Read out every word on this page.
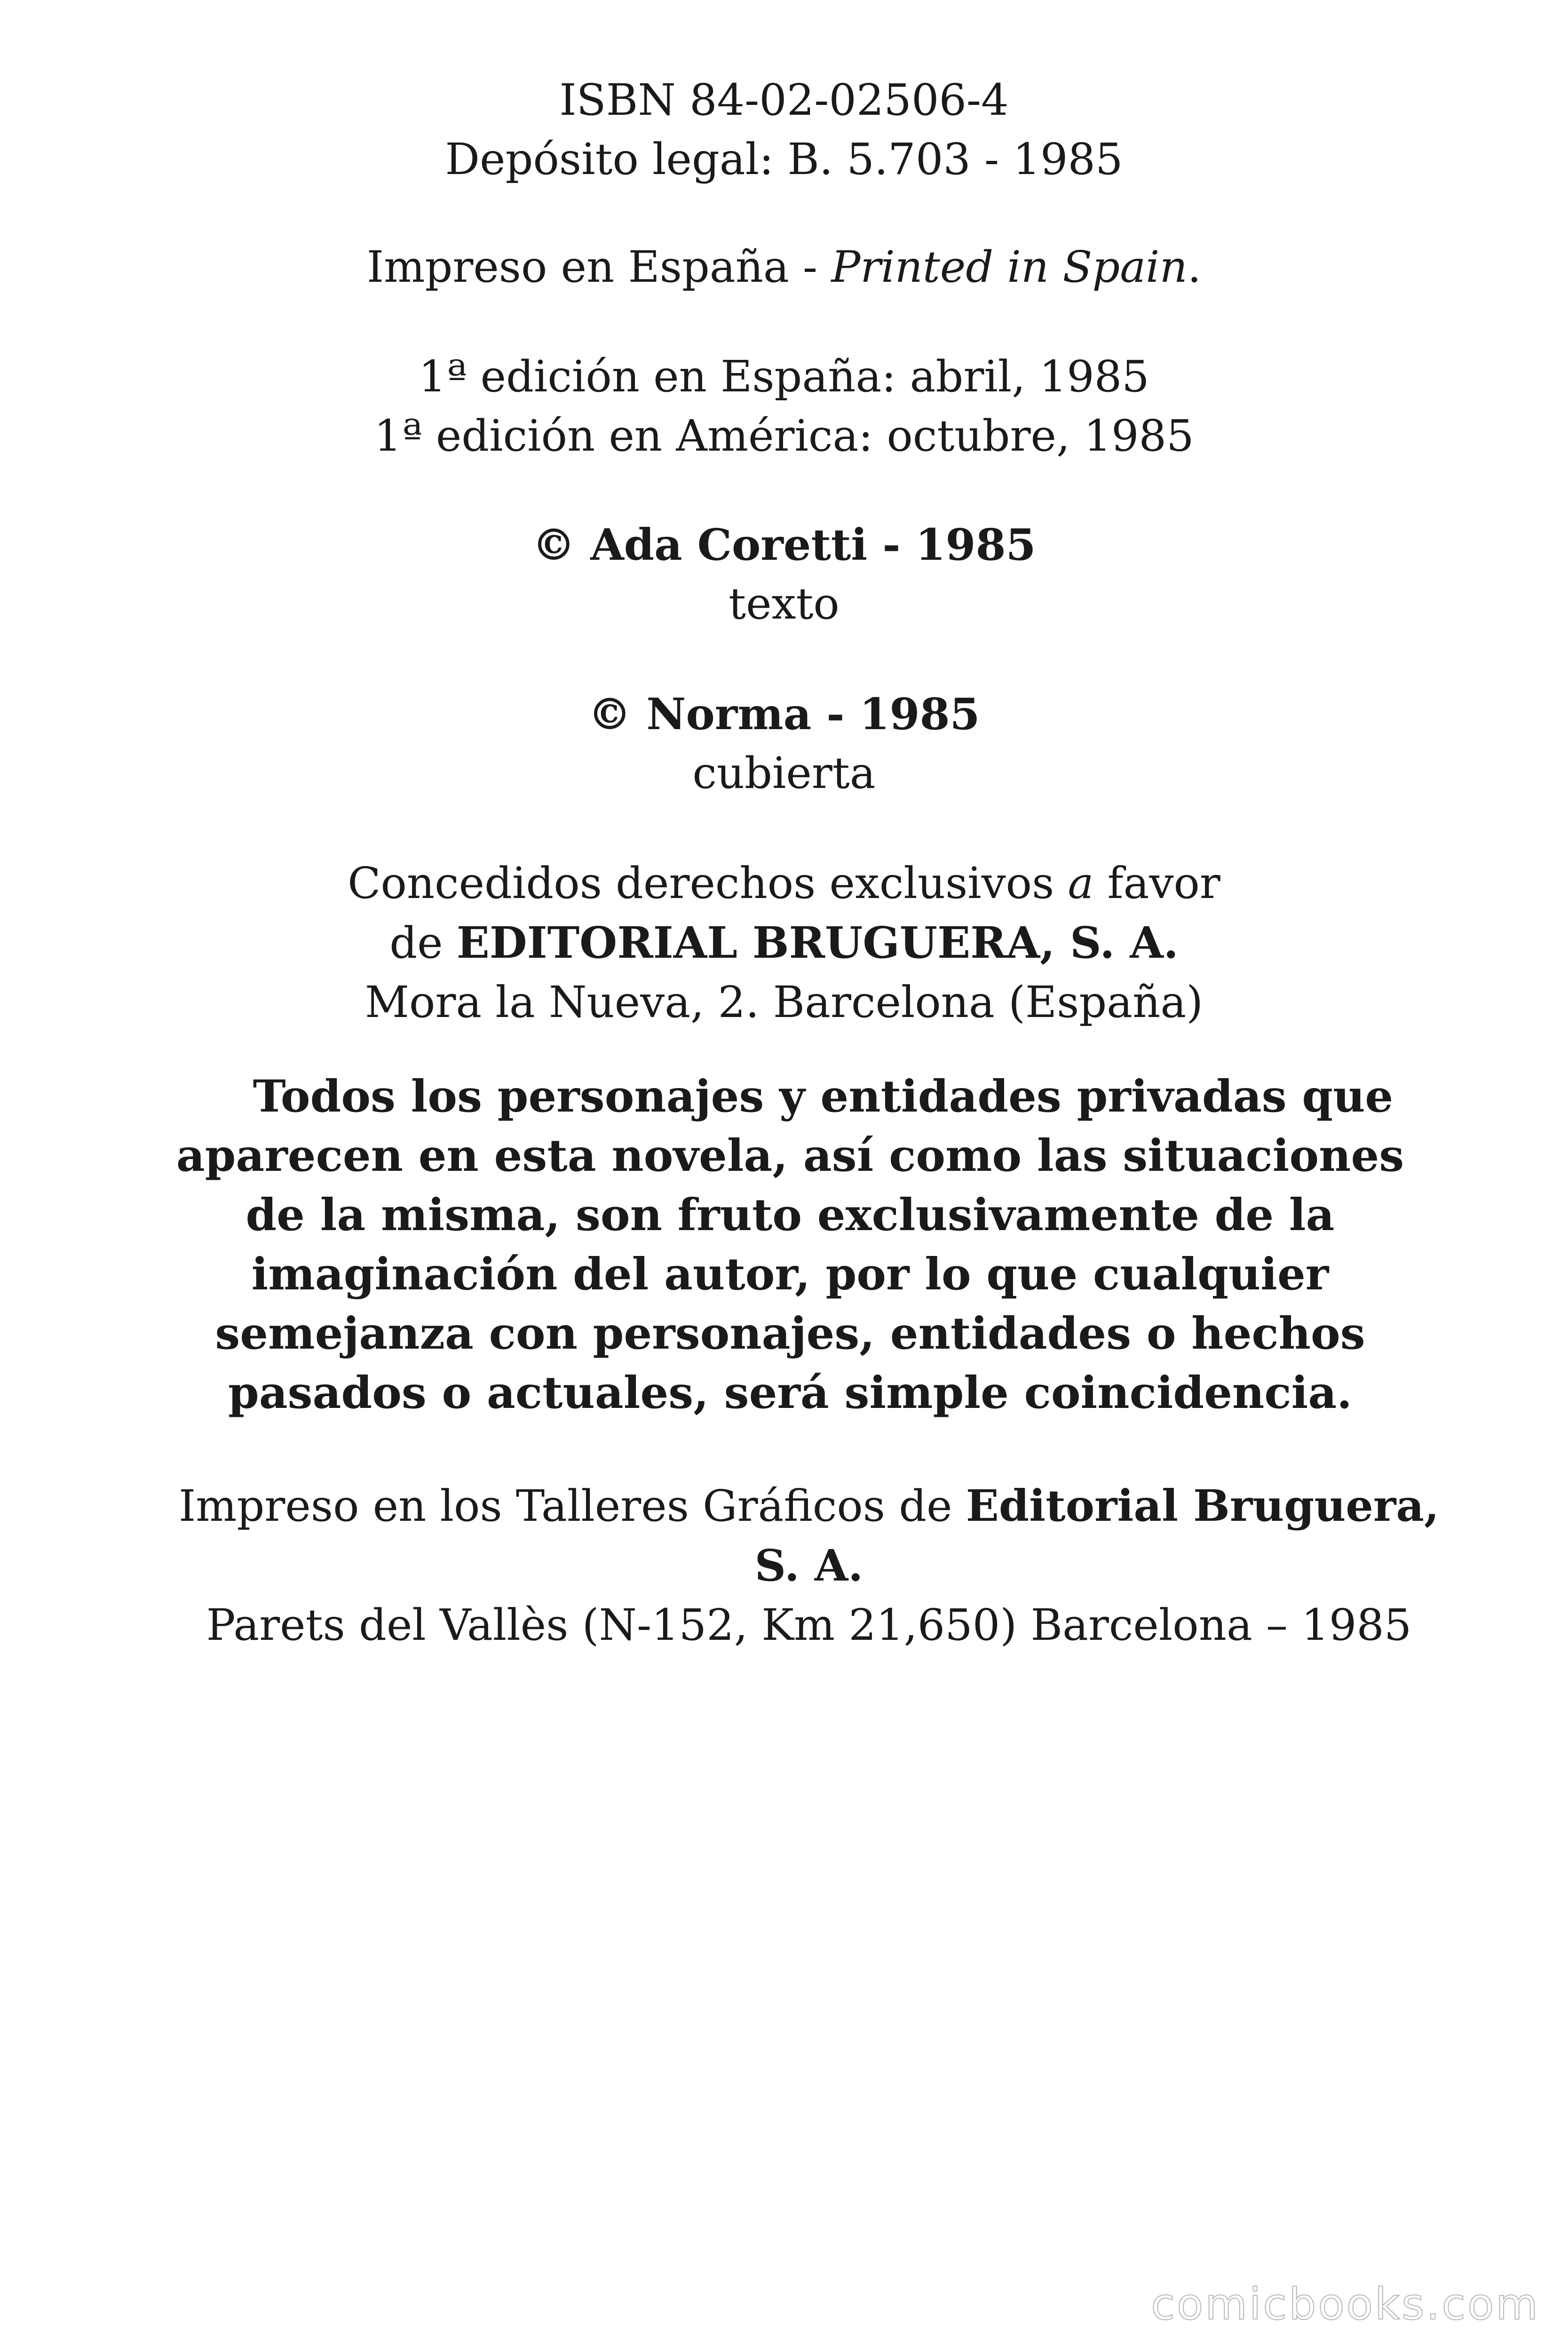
ISBN 84-02-02506-4
Depósito legal: B. 5.703 - 1985
Impreso en España - Printed in Spain.
1ª edición en España: abril, 1985
1ª edición en América: octubre, 1985
© Ada Coretti - 1985
texto
© Norma - 1985
cubierta
Concedidos derechos exclusivos a favor
de EDITORIAL BRUGUERA, S. A.
Mora la Nueva, 2. Barcelona (España)
Todos los personajes y entidades privadas que aparecen en esta novela, así como las situaciones de la misma, son fruto exclusivamente de la imaginación del autor, por lo que cualquier semejanza con personajes, entidades o hechos pasados o actuales, será simple coincidencia.
Impreso en los Talleres Gráficos de Editorial Bruguera, S. A.
Parets del Vallès (N-152, Km 21,650) Barcelona – 1985
comicbooks.com
